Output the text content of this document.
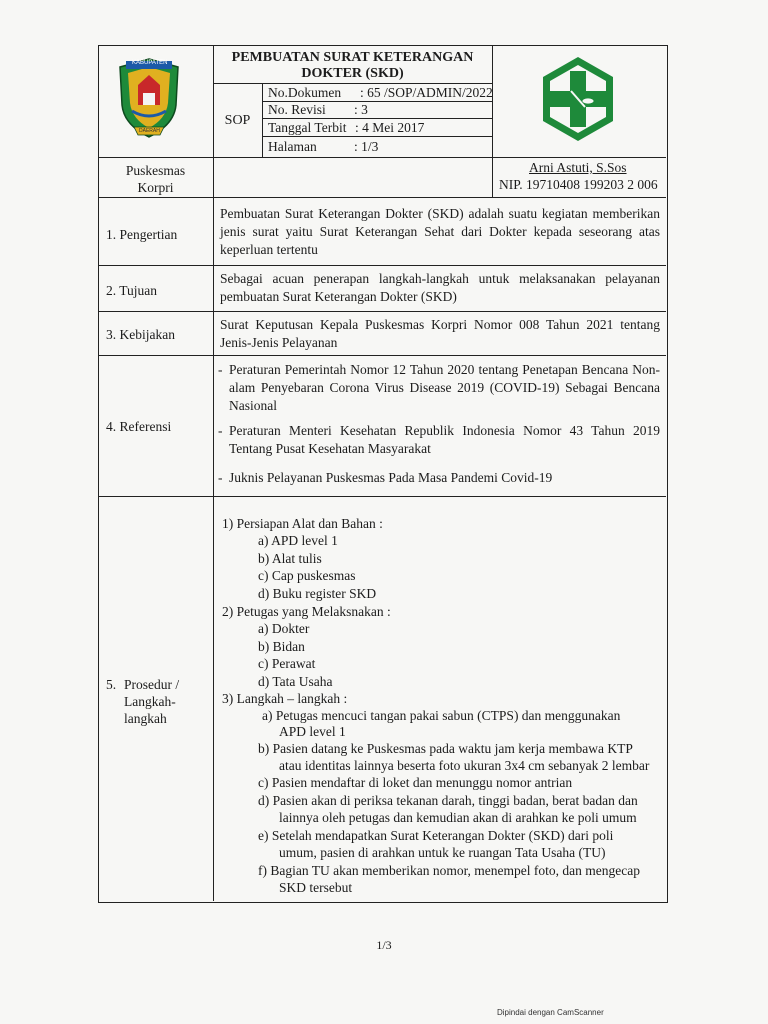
KABUPATEN
DAERAH
PEMBUATAN SURAT KETERANGAN
DOKTER (SKD)
SOP
No.Dokumen : 65 /SOP/ADMIN/2022
No. Revisi : 3
Tanggal Terbit : 4 Mei 2017
Halaman	: 1/3
Puskesmas
Korpri
Arni Astuti, S.Sos
NIP. 19710408 199203 2 006
1. Pengertian
Pembuatan Surat Keterangan Dokter (SKD) adalah suatu kegiatan memberikan jenis surat yaitu Surat Keterangan Sehat dari Dokter kepada seseorang atas keperluan tertentu
2. Tujuan
Sebagai acuan penerapan langkah-langkah untuk melaksanakan pelayanan pembuatan Surat Keterangan Dokter (SKD)
3. Kebijakan
Surat Keputusan Kepala Puskesmas Korpri Nomor 008 Tahun 2021 tentang Jenis-Jenis Pelayanan
4. Referensi
- Peraturan Pemerintah Nomor 12 Tahun 2020 tentang Penetapan Bencana Non-alam Penyebaran Corona Virus Disease 2019 (COVID-19) Sebagai Bencana Nasional
- Peraturan Menteri Kesehatan Republik Indonesia Nomor 43 Tahun 2019 Tentang Pusat Kesehatan Masyarakat
- Juknis Pelayanan Puskesmas Pada Masa Pandemi Covid-19
5. Prosedur /
Langkah-
langkah
1) Persiapan Alat dan Bahan :
a) APD level 1
b) Alat tulis
c) Cap puskesmas
d) Buku register SKD
2) Petugas yang Melaksnakan :
a) Dokter
b) Bidan
c) Perawat
d) Tata Usaha
3) Langkah – langkah :
a) Petugas mencuci tangan pakai sabun (CTPS) dan menggunakan
APD level 1
b) Pasien datang ke Puskesmas pada waktu jam kerja membawa KTP
atau identitas lainnya beserta foto ukuran 3x4 cm sebanyak 2 lembar
c) Pasien mendaftar di loket dan menunggu nomor antrian
d) Pasien akan di periksa tekanan darah, tinggi badan, berat badan dan
lainnya oleh petugas dan kemudian akan di arahkan ke poli umum
e) Setelah mendapatkan Surat Keterangan Dokter (SKD) dari poli
umum, pasien di arahkan untuk ke ruangan Tata Usaha (TU)
f) Bagian TU akan memberikan nomor, menempel foto, dan mengecap
SKD tersebut
1/3
Dipindai dengan CamScanner
